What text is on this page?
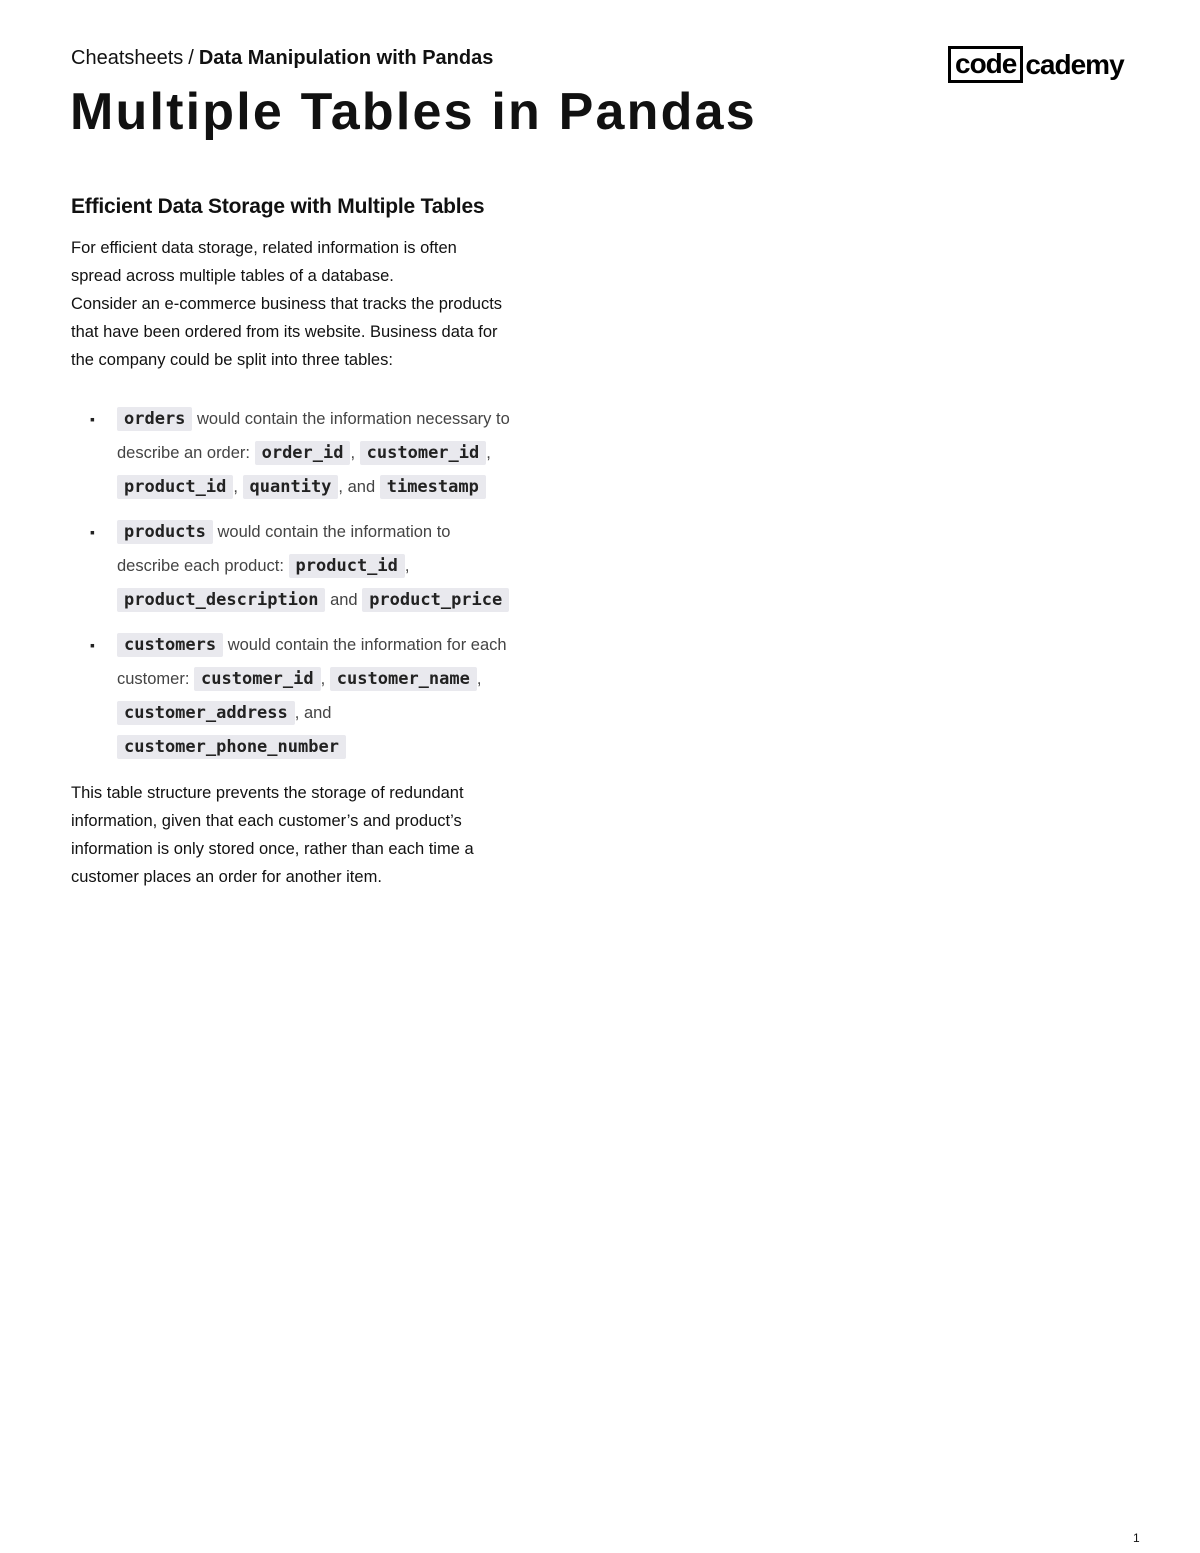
Cheatsheets / Data Manipulation with Pandas	code cademy
Multiple Tables in Pandas
Efficient Data Storage with Multiple Tables

For efficient data storage, related information is often spread across multiple tables of a database.

Consider an e-commerce business that tracks the products that have been ordered from its website. Business data for the company could be split into three tables:

▪ orders would contain the information necessary to describe an order: order_id , customer_id , product_id , quantity , and timestamp
▪ products would contain the information to describe each product: product_id , product_description and product_price
▪ customers would contain the information for each customer: customer_id , customer_name , customer_address , and customer_phone_number

This table structure prevents the storage of redundant information, given that each customer’s and product’s information is only stored once, rather than each time a customer places an order for another item.

1
